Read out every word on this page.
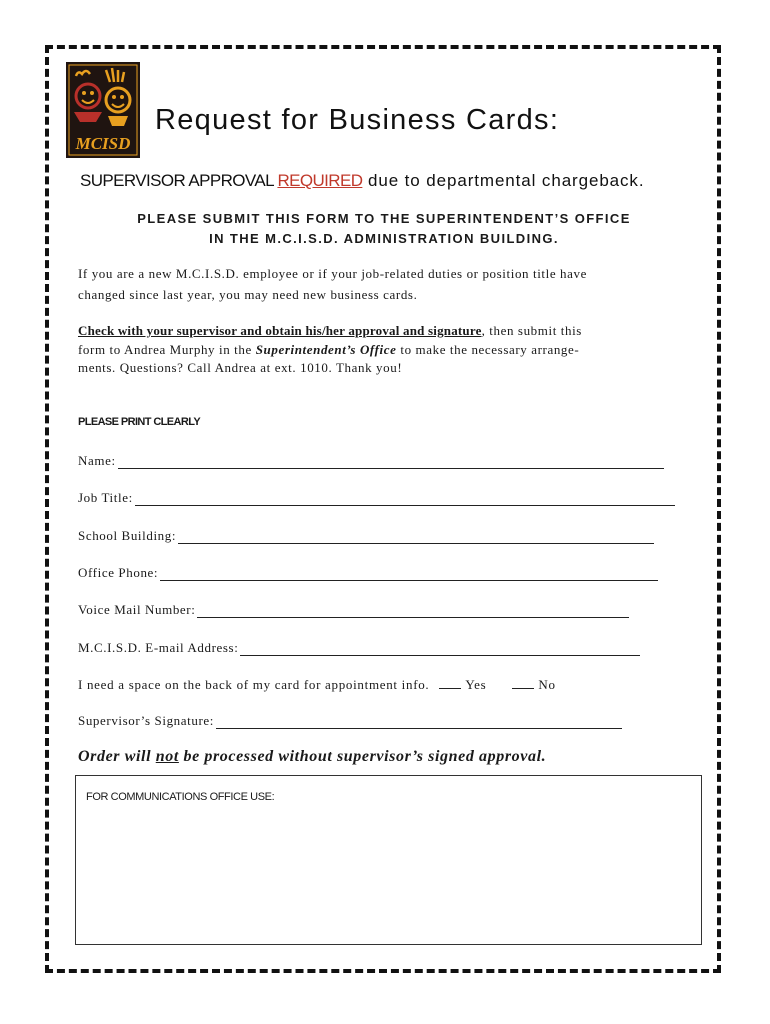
MCISD
Request for Business Cards:
SUPERVISOR APPROVAL REQUIRED due to departmental chargeback.
PLEASE SUBMIT THIS FORM TO THE SUPERINTENDENT’S OFFICE
IN THE M.C.I.S.D. ADMINISTRATION BUILDING.
If you are a new M.C.I.S.D. employee or if your job-related duties or position title have
changed since last year, you may need new business cards.
Check with your supervisor and obtain his/her approval and signature, then submit this
form to Andrea Murphy in the Superintendent’s Office to make the necessary arrange-
ments. Questions? Call Andrea at ext. 1010. Thank you!
PLEASE PRINT CLEARLY
Name:
Job Title:
School Building:
Office Phone:
Voice Mail Number:
M.C.I.S.D. E-mail Address:
I need a space on the back of my card for appointment info.	Yes	No
Supervisor’s Signature:
Order will not be processed without supervisor’s signed approval.
FOR COMMUNICATIONS OFFICE USE:
